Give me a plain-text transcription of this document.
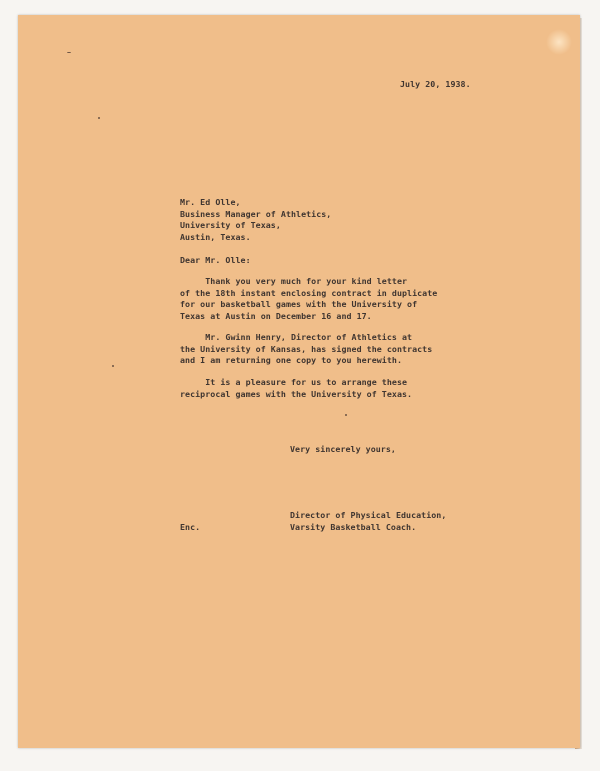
July 20, 1938.
Mr. Ed Olle,
Business Manager of Athletics,
University of Texas,
Austin, Texas.
Dear Mr. Olle:
Thank you very much for your kind letter
of the 18th instant enclosing contract in duplicate
for our basketball games with the University of
Texas at Austin on December 16 and 17.
Mr. Gwinn Henry, Director of Athletics at
the University of Kansas, has signed the contracts
and I am returning one copy to you herewith.
It is a pleasure for us to arrange these
reciprocal games with the University of Texas.
Very sincerely yours,
Director of Physical Education,
Varsity Basketball Coach.
Enc.
